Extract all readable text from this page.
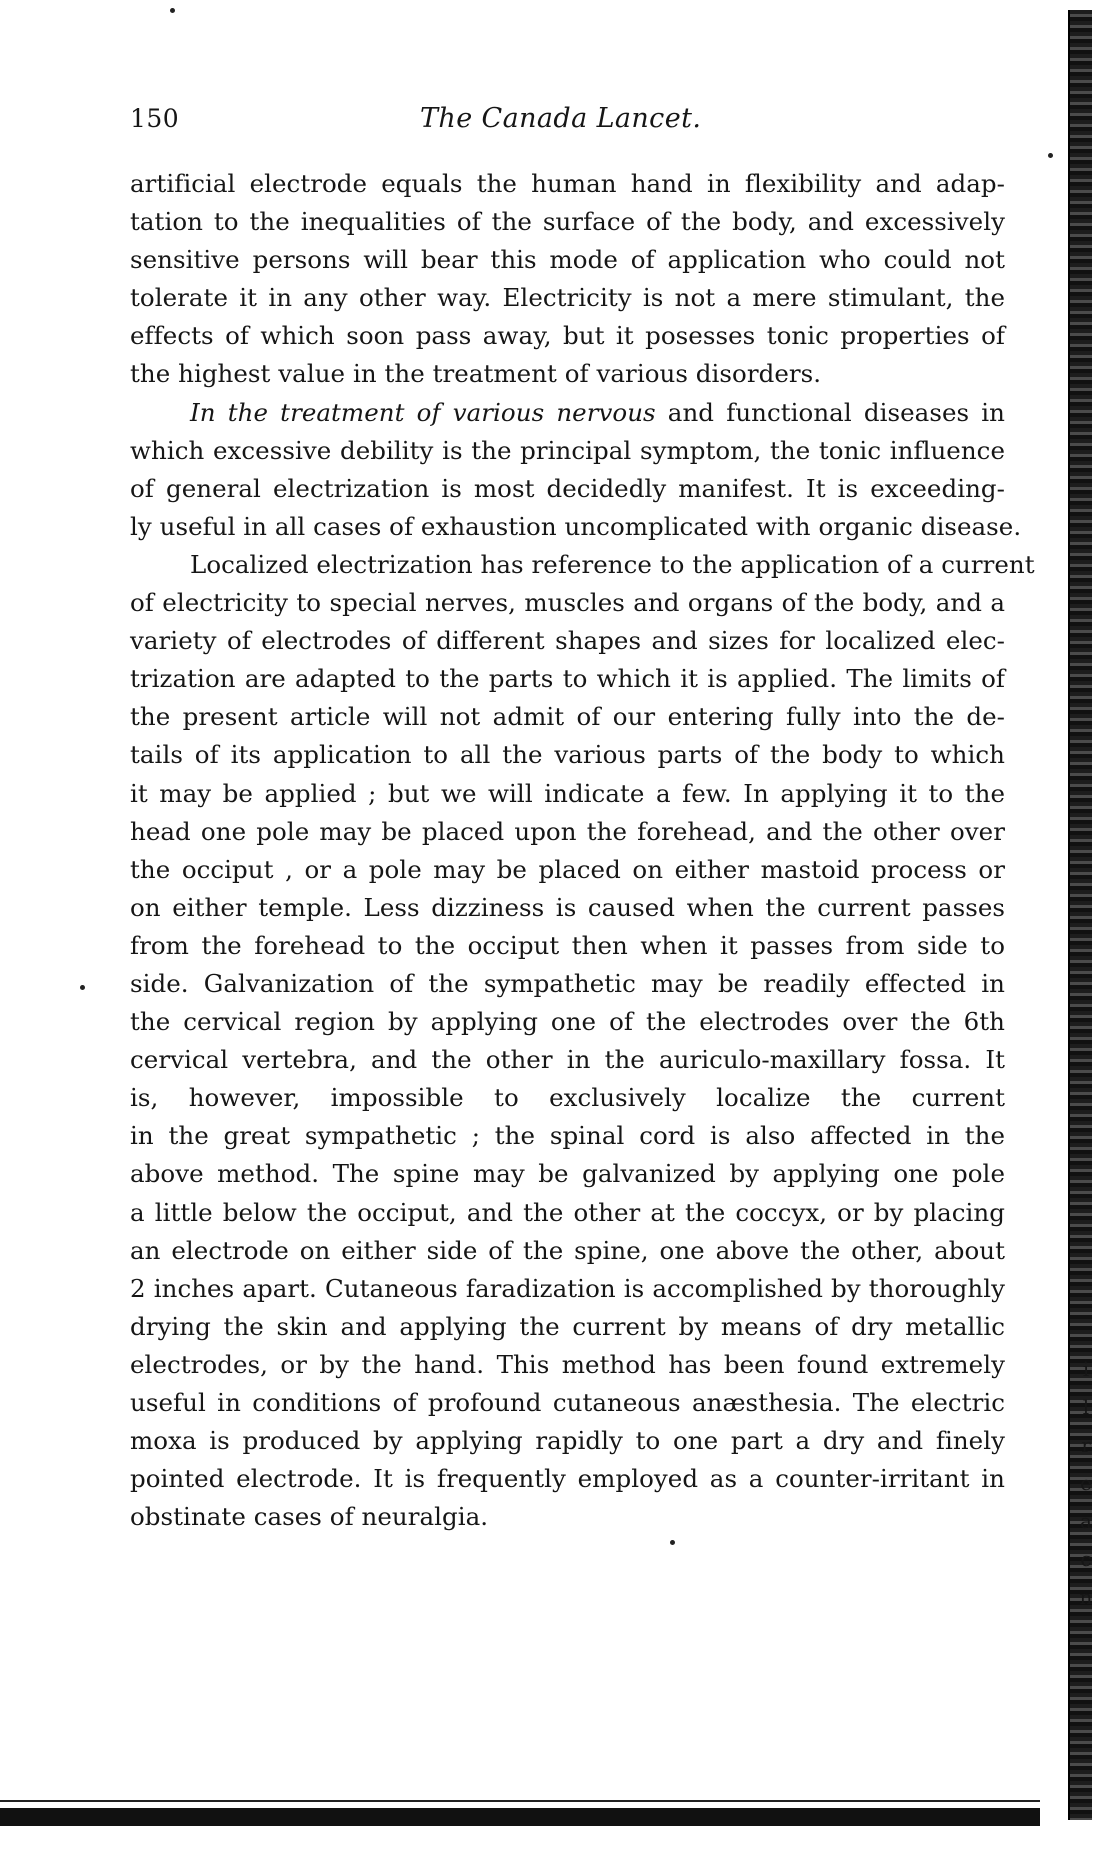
150	The Canada Lancet.
artificial electrode equals the human hand in flexibility and adap-
tation to the inequalities of the surface of the body, and excessively
sensitive persons will bear this mode of application who could not
tolerate it in any other way. Electricity is not a mere stimulant, the
effects of which soon pass away, but it posesses tonic properties of
the highest value in the treatment of various disorders.
In the treatment of various nervous and functional diseases in
which excessive debility is the principal symptom, the tonic influence
of general electrization is most decidedly manifest. It is exceeding-
ly useful in all cases of exhaustion uncomplicated with organic disease.
Localized electrization has reference to the application of a current
of electricity to special nerves, muscles and organs of the body, and a
variety of electrodes of different shapes and sizes for localized elec-
trization are adapted to the parts to which it is applied. The limits of
the present article will not admit of our entering fully into the de-
tails of its application to all the various parts of the body to which
it may be applied ; but we will indicate a few. In applying it to the
head one pole may be placed upon the forehead, and the other over
the occiput , or a pole may be placed on either mastoid process or
on either temple. Less dizziness is caused when the current passes
from the forehead to the occiput then when it passes from side to
side. Galvanization of the sympathetic may be readily effected in
the cervical region by applying one of the electrodes over the 6th
cervical vertebra, and the other in the auriculo-maxillary fossa. It
is, however, impossible to exclusively localize the current
in the great sympathetic ; the spinal cord is also affected in the
above method. The spine may be galvanized by applying one pole
a little below the occiput, and the other at the coccyx, or by placing
an electrode on either side of the spine, one above the other, about
2 inches apart. Cutaneous faradization is accomplished by thoroughly
drying the skin and applying the current by means of dry metallic
electrodes, or by the hand. This method has been found extremely
useful in conditions of profound cutaneous anæsthesia. The electric
moxa is produced by applying rapidly to one part a dry and finely
pointed electrode. It is frequently employed as a counter-irritant in
obstinate cases of neuralgia.
i
l
r
e
a
c
n
